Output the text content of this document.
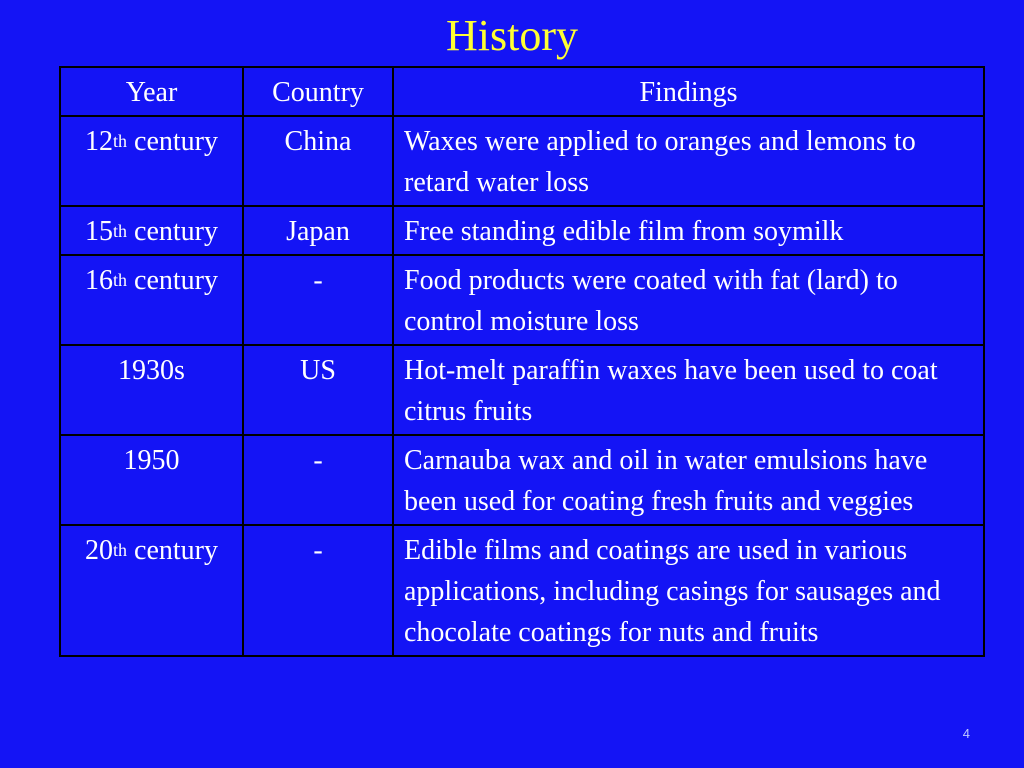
History
Year	Country	Findings
12th century	China	Waxes were applied to oranges and lemons to retard water loss
15th century	Japan	Free standing edible film from soymilk
16th century	-	Food products were coated with fat (lard) to control moisture loss
1930s	US	Hot-melt paraffin waxes have been used to coat citrus fruits
1950	-	Carnauba wax and oil in water emulsions have been used for coating fresh fruits and veggies
20th century	-	Edible films and coatings are used in various applications, including casings for sausages and chocolate coatings for nuts and fruits
4
